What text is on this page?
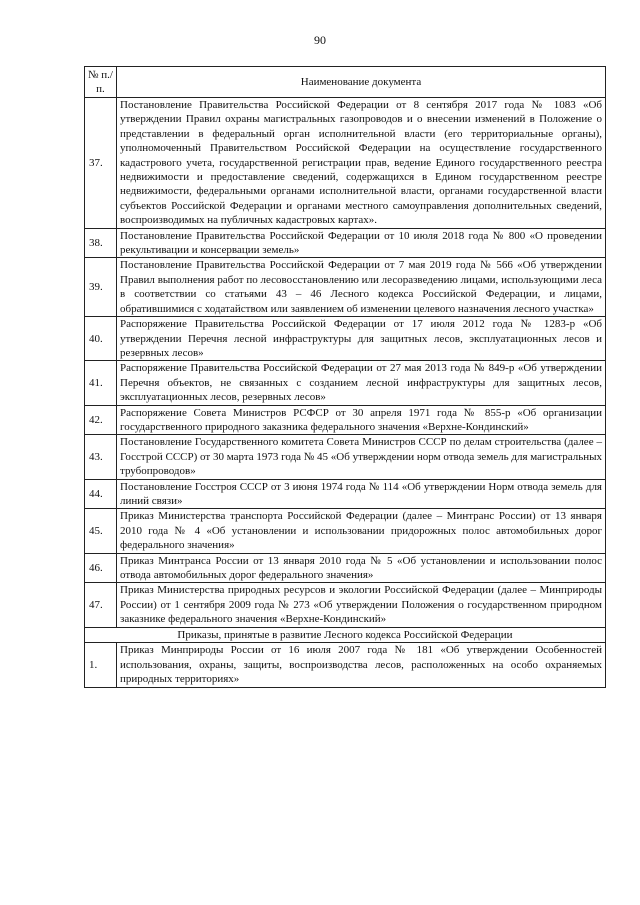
90
№ п./п.	Наименование документа
37.	Постановление Правительства Российской Федерации от 8 сентября 2017 года № 1083 «Об утверждении Правил охраны магистральных газопроводов и о внесении изменений в Положение о представлении в федеральный орган исполнительной власти (его территориальные органы), уполномоченный Правительством Российской Федерации на осуществление государственного кадастрового учета, государственной регистрации прав, ведение Единого государственного реестра недвижимости и предоставление сведений, содержащихся в Едином государственном реестре недвижимости, федеральными органами исполнительной власти, органами государственной власти субъектов Российской Федерации и органами местного самоуправления дополнительных сведений, воспроизводимых на публичных кадастровых картах».
38.	Постановление Правительства Российской Федерации от 10 июля 2018 года № 800 «О проведении рекультивации и консервации земель»
39.	Постановление Правительства Российской Федерации от 7 мая 2019 года № 566 «Об утверждении Правил выполнения работ по лесовосстановлению или лесоразведению лицами, использующими леса в соответствии со статьями 43 – 46 Лесного кодекса Российской Федерации, и лицами, обратившимися с ходатайством или заявлением об изменении целевого назначения лесного участка»
40.	Распоряжение Правительства Российской Федерации от 17 июля 2012 года № 1283-р «Об утверждении Перечня лесной инфраструктуры для защитных лесов, эксплуатационных лесов и резервных лесов»
41.	Распоряжение Правительства Российской Федерации от 27 мая 2013 года № 849-р «Об утверждении Перечня объектов, не связанных с созданием лесной инфраструктуры для защитных лесов, эксплуатационных лесов, резервных лесов»
42.	Распоряжение Совета Министров РСФСР от 30 апреля 1971 года № 855-р «Об организации государственного природного заказника федерального значения «Верхне-Кондинский»
43.	Постановление Государственного комитета Совета Министров СССР по делам строительства (далее – Госстрой СССР) от 30 марта 1973 года № 45 «Об утверждении норм отвода земель для магистральных трубопроводов»
44.	Постановление Госстроя СССР от 3 июня 1974 года № 114 «Об утверждении Норм отвода земель для линий связи»
45.	Приказ Министерства транспорта Российской Федерации (далее – Минтранс России) от 13 января 2010 года № 4 «Об установлении и использовании придорожных полос автомобильных дорог федерального значения»
46.	Приказ Минтранса России от 13 января 2010 года № 5 «Об установлении и использовании полос отвода автомобильных дорог федерального значения»
47.	Приказ Министерства природных ресурсов и экологии Российской Федерации (далее – Минприроды России) от 1 сентября 2009 года № 273 «Об утверждении Положения о государственном природном заказнике федерального значения «Верхне-Кондинский»
Приказы, принятые в развитие Лесного кодекса Российской Федерации	
1.	Приказ Минприроды России от 16 июля 2007 года № 181 «Об утверждении Особенностей использования, охраны, защиты, воспроизводства лесов, расположенных на особо охраняемых природных территориях»
